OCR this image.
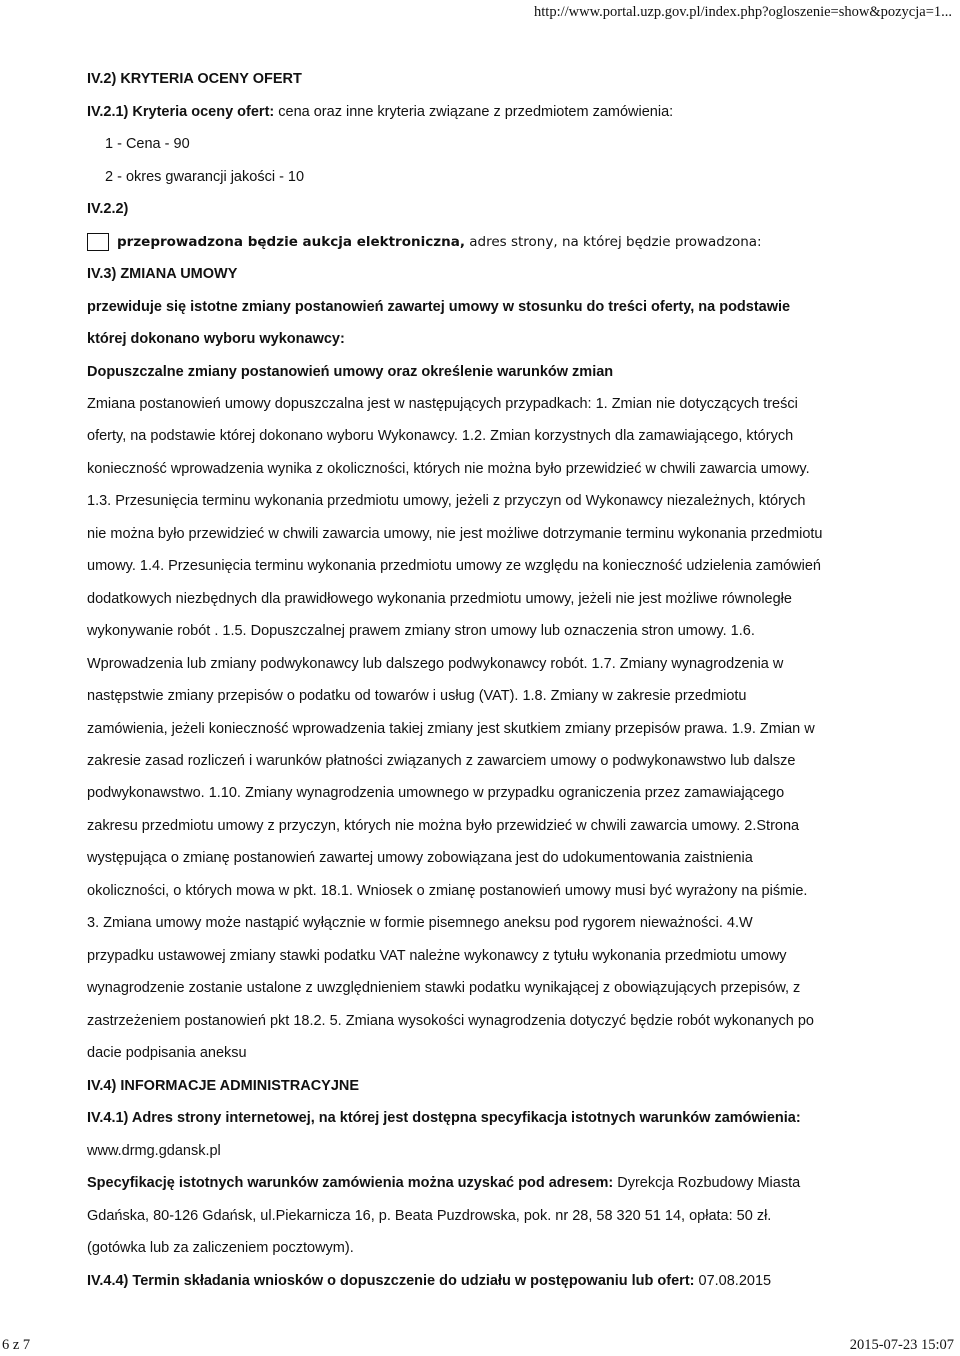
http://www.portal.uzp.gov.pl/index.php?ogloszenie=show&pozycja=1...
IV.2) KRYTERIA OCENY OFERT
IV.2.1) Kryteria oceny ofert: cena oraz inne kryteria związane z przedmiotem zamówienia:
1 - Cena - 90
2 - okres gwarancji jakości - 10
IV.2.2)
przeprowadzona będzie aukcja elektroniczna, adres strony, na której będzie prowadzona:
IV.3) ZMIANA UMOWY
przewiduje się istotne zmiany postanowień zawartej umowy w stosunku do treści oferty, na podstawie
której dokonano wyboru wykonawcy:
Dopuszczalne zmiany postanowień umowy oraz określenie warunków zmian
Zmiana postanowień umowy dopuszczalna jest w następujących przypadkach: 1. Zmian nie dotyczących treści
oferty, na podstawie której dokonano wyboru Wykonawcy. 1.2. Zmian korzystnych dla zamawiającego, których
konieczność wprowadzenia wynika z okoliczności, których nie można było przewidzieć w chwili zawarcia umowy.
1.3. Przesunięcia terminu wykonania przedmiotu umowy, jeżeli z przyczyn od Wykonawcy niezależnych, których
nie można było przewidzieć w chwili zawarcia umowy, nie jest możliwe dotrzymanie terminu wykonania przedmiotu
umowy. 1.4. Przesunięcia terminu wykonania przedmiotu umowy ze względu na konieczność udzielenia zamówień
dodatkowych niezbędnych dla prawidłowego wykonania przedmiotu umowy, jeżeli nie jest możliwe równoległe
wykonywanie robót . 1.5. Dopuszczalnej prawem zmiany stron umowy lub oznaczenia stron umowy. 1.6.
Wprowadzenia lub zmiany podwykonawcy lub dalszego podwykonawcy robót. 1.7. Zmiany wynagrodzenia w
następstwie zmiany przepisów o podatku od towarów i usług (VAT). 1.8. Zmiany w zakresie przedmiotu
zamówienia, jeżeli konieczność wprowadzenia takiej zmiany jest skutkiem zmiany przepisów prawa. 1.9. Zmian w
zakresie zasad rozliczeń i warunków płatności związanych z zawarciem umowy o podwykonawstwo lub dalsze
podwykonawstwo. 1.10. Zmiany wynagrodzenia umownego w przypadku ograniczenia przez zamawiającego
zakresu przedmiotu umowy z przyczyn, których nie można było przewidzieć w chwili zawarcia umowy. 2.Strona
występująca o zmianę postanowień zawartej umowy zobowiązana jest do udokumentowania zaistnienia
okoliczności, o których mowa w pkt. 18.1. Wniosek o zmianę postanowień umowy musi być wyrażony na piśmie.
3. Zmiana umowy może nastąpić wyłącznie w formie pisemnego aneksu pod rygorem nieważności. 4.W
przypadku ustawowej zmiany stawki podatku VAT należne wykonawcy z tytułu wykonania przedmiotu umowy
wynagrodzenie zostanie ustalone z uwzględnieniem stawki podatku wynikającej z obowiązujących przepisów, z
zastrzeżeniem postanowień pkt 18.2. 5. Zmiana wysokości wynagrodzenia dotyczyć będzie robót wykonanych po
dacie podpisania aneksu
IV.4) INFORMACJE ADMINISTRACYJNE
IV.4.1) Adres strony internetowej, na której jest dostępna specyfikacja istotnych warunków zamówienia:
www.drmg.gdansk.pl
Specyfikację istotnych warunków zamówienia można uzyskać pod adresem: Dyrekcja Rozbudowy Miasta
Gdańska, 80-126 Gdańsk, ul.Piekarnicza 16, p. Beata Puzdrowska, pok. nr 28, 58 320 51 14, opłata: 50 zł.
(gotówka lub za zaliczeniem pocztowym).
IV.4.4) Termin składania wniosków o dopuszczenie do udziału w postępowaniu lub ofert: 07.08.2015
6 z 7	2015-07-23 15:07
